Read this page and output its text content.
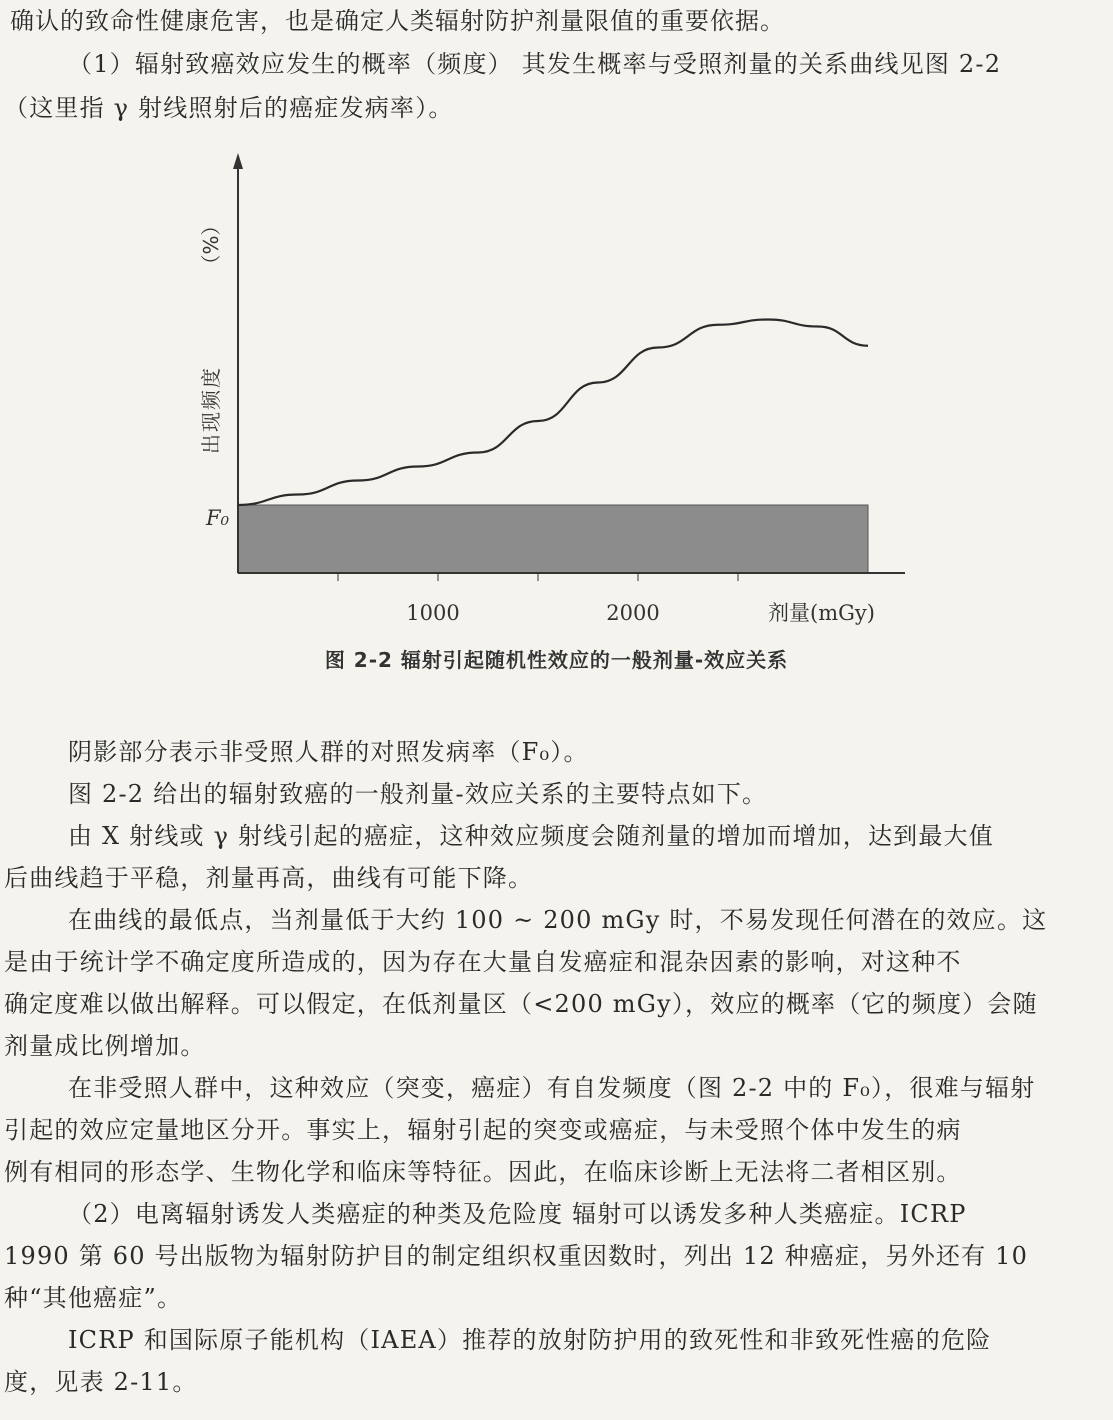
确认的致命性健康危害，也是确定人类辐射防护剂量限值的重要依据。

（1）辐射致癌效应发生的概率（频度） 其发生概率与受照剂量的关系曲线见图 2-2
（这里指 γ 射线照射后的癌症发病率）。
1000	2000	剂量(mGy)
F₀
（%）
出现频度
图 2-2 辐射引起随机性效应的一般剂量-效应关系
阴影部分表示非受照人群的对照发病率（F₀）。
图 2-2 给出的辐射致癌的一般剂量-效应关系的主要特点如下。
由 X 射线或 γ 射线引起的癌症，这种效应频度会随剂量的增加而增加，达到最大值
后曲线趋于平稳，剂量再高，曲线有可能下降。
在曲线的最低点，当剂量低于大约 100 ~ 200 mGy 时，不易发现任何潜在的效应。这
是由于统计学不确定度所造成的，因为存在大量自发癌症和混杂因素的影响，对这种不
确定度难以做出解释。可以假定，在低剂量区（<200 mGy），效应的概率（它的频度）会随
剂量成比例增加。
在非受照人群中，这种效应（突变，癌症）有自发频度（图 2-2 中的 F₀），很难与辐射
引起的效应定量地区分开。事实上，辐射引起的突变或癌症，与未受照个体中发生的病
例有相同的形态学、生物化学和临床等特征。因此，在临床诊断上无法将二者相区别。
（2）电离辐射诱发人类癌症的种类及危险度 辐射可以诱发多种人类癌症。ICRP
1990 第 60 号出版物为辐射防护目的制定组织权重因数时，列出 12 种癌症，另外还有 10
种“其他癌症”。
ICRP 和国际原子能机构（IAEA）推荐的放射防护用的致死性和非致死性癌的危险
度，见表 2-11。
